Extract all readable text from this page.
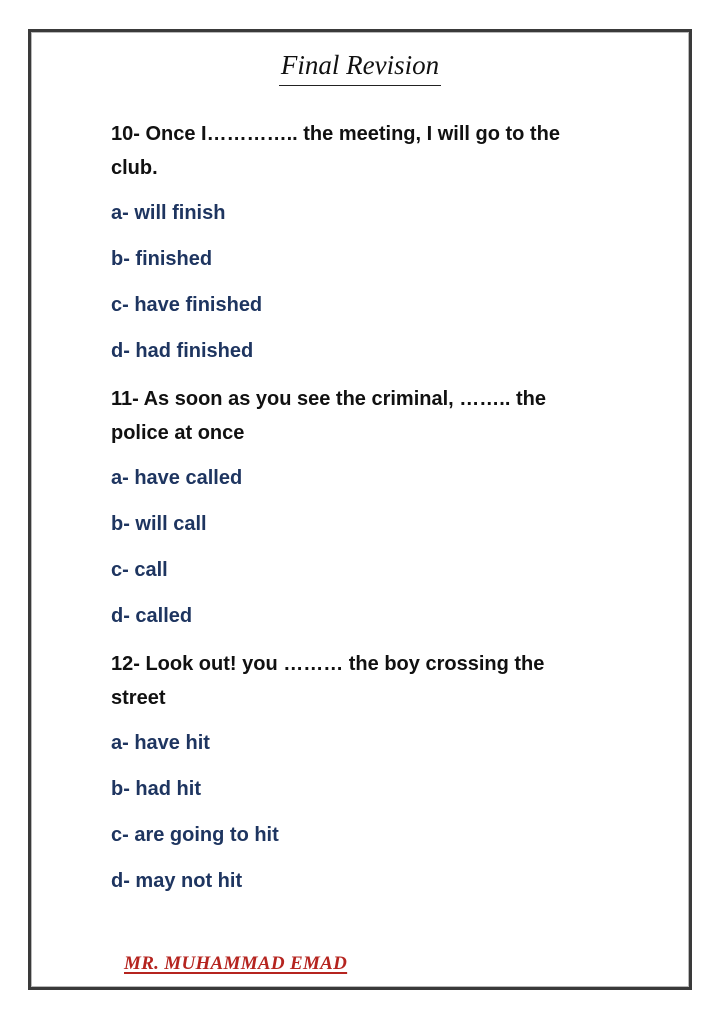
Final Revision

10- Once I………….. the meeting, I will go to the

club.

a- will finish

b- finished

c- have finished

d- had finished

11- As soon as you see the criminal, …….. the

police at once

a- have called

b- will call

c- call

d- called

12- Look out! you ……… the boy crossing the

street

a- have hit

b- had hit

c- are going to hit

d- may not hit

MR. MUHAMMAD EMAD
